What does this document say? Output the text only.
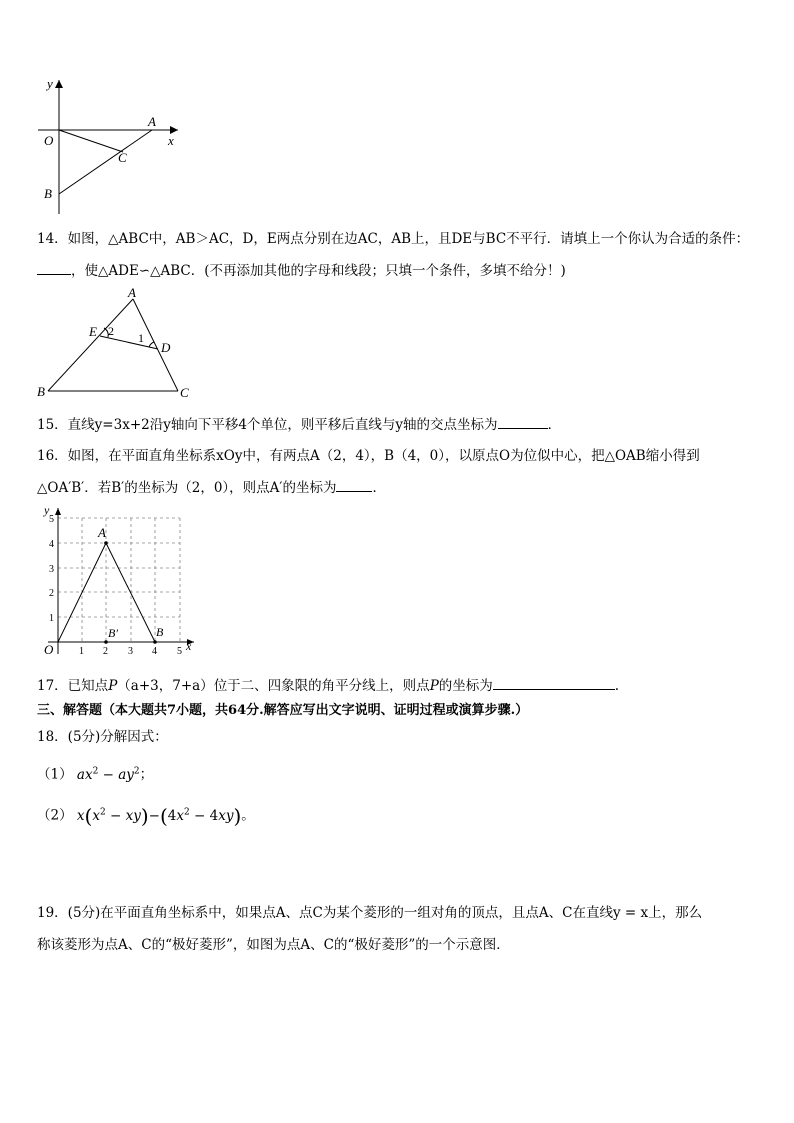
y
x
O
A
B
C
14．如图，△ABC中，AB＞AC，D，E两点分别在边AC，AB上，且DE与BC不平行．请填上一个你认为合适的条件：
，使△ADE∽△ABC．(不再添加其他的字母和线段；只填一个条件，多填不给分！)
A
E 2 1
D
B	C
15．直线y=3x+2沿y轴向下平移4个单位，则平移后直线与y轴的交点坐标为	．
16．如图，在平面直角坐标系xOy中，有两点A（2，4），B（4，0），以原点O为位似中心，把△OAB缩小得到
△OA′B′．若B′的坐标为（2，0），则点A′的坐标为	．
y
x
O
A
B′	B
1 2 3 4 5
1
2
3
4
5
17．已知点P（a+3，7+a）位于二、四象限的角平分线上，则点P的坐标为	.
三、解答题（本大题共7小题，共64分.解答应写出文字说明、证明过程或演算步骤.）
18．(5分)分解因式：
（1） $ax^2 - ay^2$；
（2） $x(x^2 - xy)-(4x^2 - 4xy)$。
19．(5分)在平面直角坐标系中，如果点A、点C为某个菱形的一组对角的顶点，且点A、C在直线y = x上，那么
称该菱形为点A、C的“极好菱形”，如图为点A、C的“极好菱形”的一个示意图．
